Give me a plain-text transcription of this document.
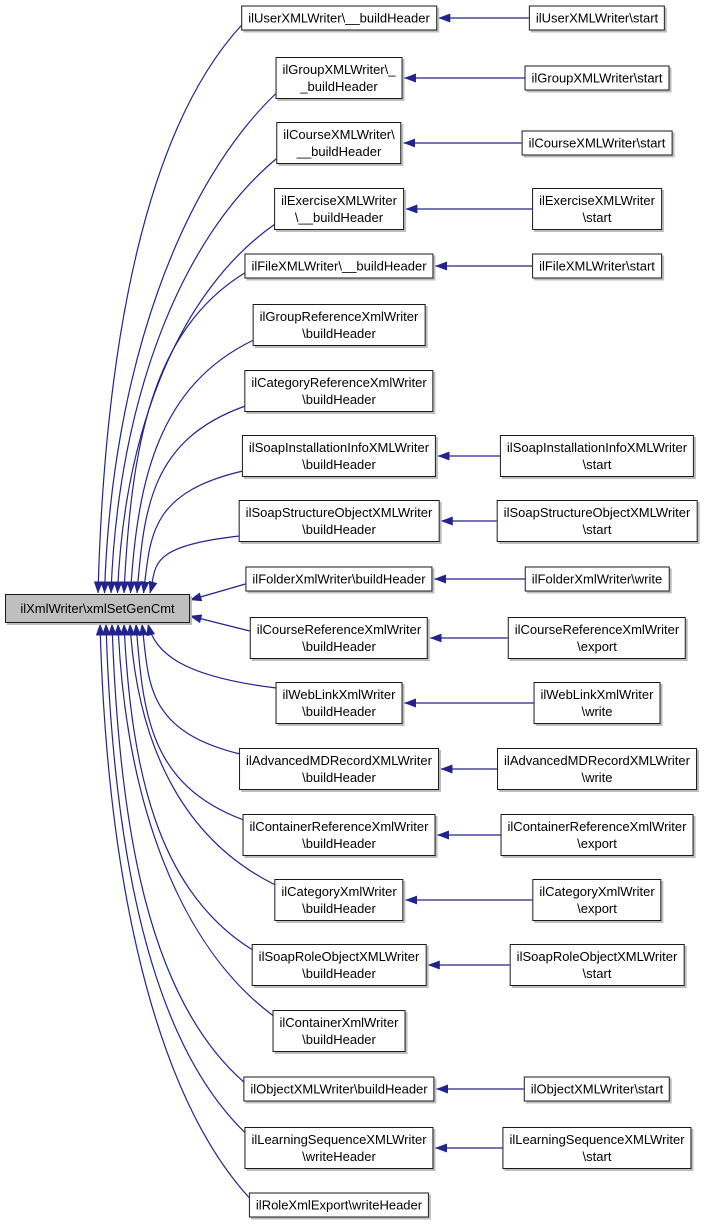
ilXmlWriter\xmlSetGenCmt
ilUserXMLWriter\__buildHeader	ilUserXMLWriter\start
ilGroupXMLWriter\_
_buildHeader
ilGroupXMLWriter\start
ilCourseXMLWriter\
__buildHeader
ilCourseXMLWriter\start
ilExerciseXMLWriter
\__buildHeader
ilExerciseXMLWriter
\start
ilFileXMLWriter\__buildHeader	ilFileXMLWriter\start
ilGroupReferenceXmlWriter
\buildHeader
ilCategoryReferenceXmlWriter
\buildHeader
ilSoapInstallationInfoXMLWriter
\buildHeader
ilSoapInstallationInfoXMLWriter
\start
ilSoapStructureObjectXMLWriter
\buildHeader
ilSoapStructureObjectXMLWriter
\start
ilFolderXmlWriter\buildHeader	ilFolderXmlWriter\write
ilCourseReferenceXmlWriter
\buildHeader
ilCourseReferenceXmlWriter
\export
ilWebLinkXmlWriter
\buildHeader
ilWebLinkXmlWriter
\write
ilAdvancedMDRecordXMLWriter
\buildHeader
ilAdvancedMDRecordXMLWriter
\write
ilContainerReferenceXmlWriter
\buildHeader
ilContainerReferenceXmlWriter
\export
ilCategoryXmlWriter
\buildHeader
ilCategoryXmlWriter
\export
ilSoapRoleObjectXMLWriter
\buildHeader
ilSoapRoleObjectXMLWriter
\start
ilContainerXmlWriter
\buildHeader
ilObjectXMLWriter\buildHeader	ilObjectXMLWriter\start
ilLearningSequenceXMLWriter
\writeHeader
ilLearningSequenceXMLWriter
\start
ilRoleXmlExport\writeHeader
